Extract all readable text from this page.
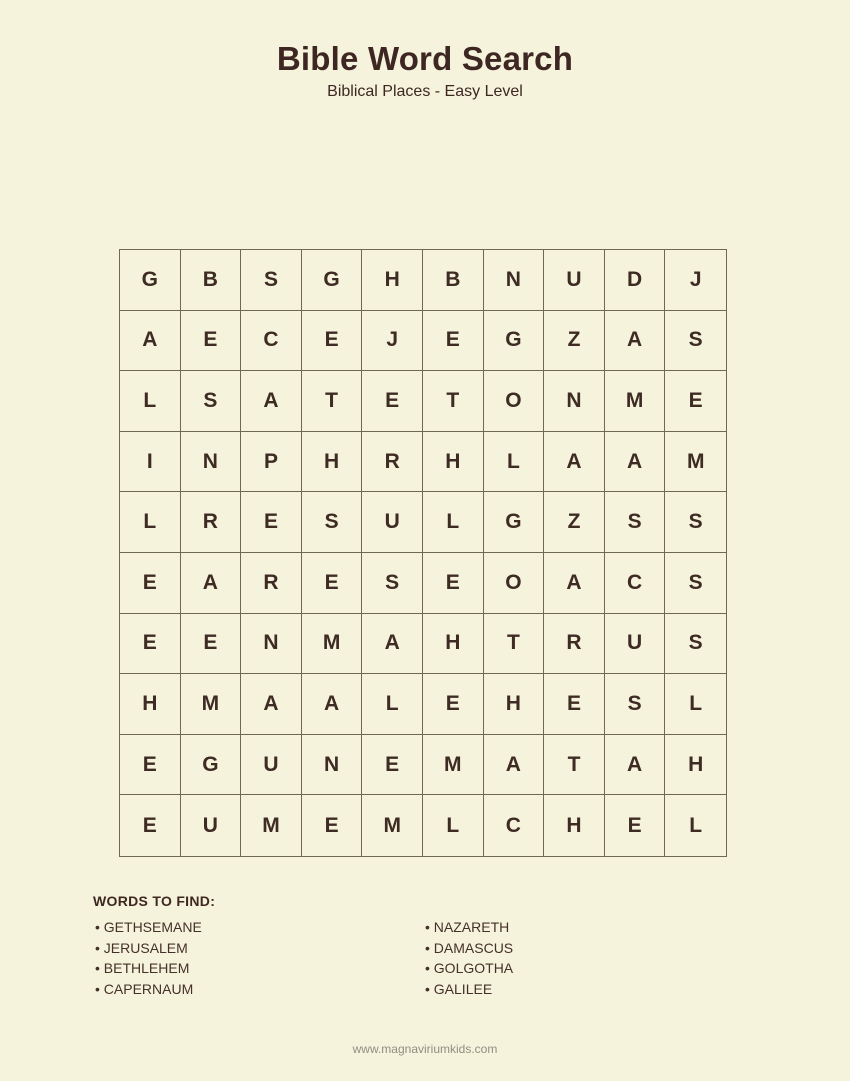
Bible Word Search
Biblical Places - Easy Level
G	B	S	G	H	B	N	U	D	J
A	E	C	E	J	E	G	Z	A	S
L	S	A	T	E	T	O	N	M	E
I	N	P	H	R	H	L	A	A	M
L	R	E	S	U	L	G	Z	S	S
E	A	R	E	S	E	O	A	C	S
E	E	N	M	A	H	T	R	U	S
H	M	A	A	L	E	H	E	S	L
E	G	U	N	E	M	A	T	A	H
E	U	M	E	M	L	C	H	E	L
WORDS TO FIND:
• GETHSEMANE
• JERUSALEM
• BETHLEHEM
• CAPERNAUM
• NAZARETH
• DAMASCUS
• GOLGOTHA
• GALILEE
www.magnaviriumkids.com
